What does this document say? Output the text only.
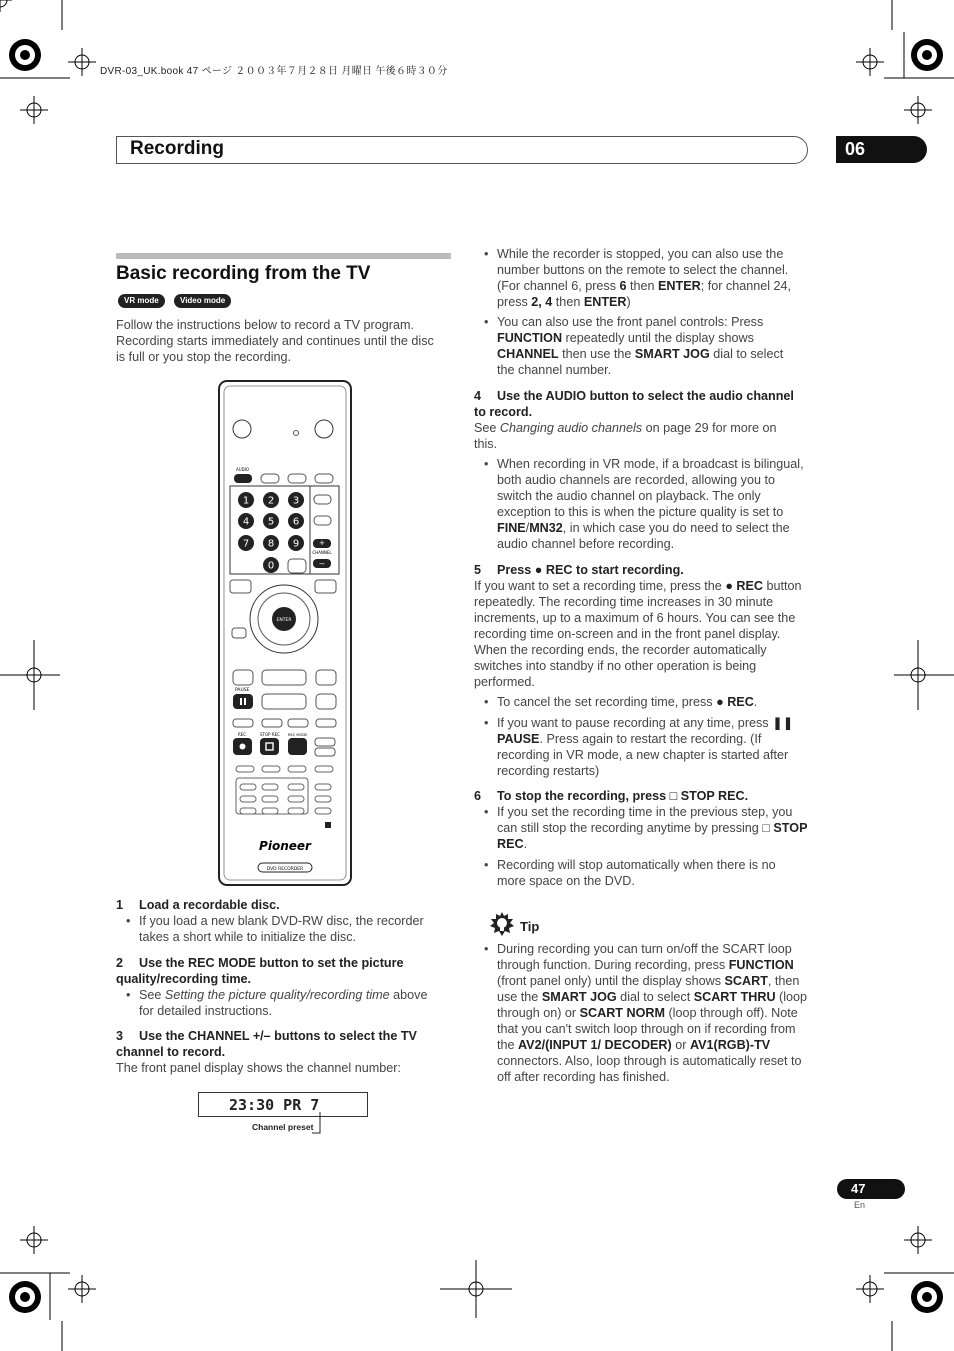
DVR-03_UK.book 47 ページ ２００３年７月２８日 月曜日 午後６時３０分
Recording	06
Basic recording from the TV
VR mode	Video mode
Follow the instructions below to record a TV program. Recording starts immediately and continues until the disc is full or you stop the recording.
AUDIO
1 2 3
4 5 6
7 8 9
0
CHANNEL
ENTER
PAUSE
REC	STOP REC REC MODE
Pioneer
DVD RECORDER
+
–
1 Load a recordable disc.
• If you load a new blank DVD-RW disc, the recorder takes a short while to initialize the disc.
2 Use the REC MODE button to set the picture quality/recording time.
• See Setting the picture quality/recording time above for detailed instructions.
3 Use the CHANNEL +/– buttons to select the TV channel to record.
The front panel display shows the channel number:
23:30 PR 7
Channel preset
• While the recorder is stopped, you can also use the number buttons on the remote to select the channel. (For channel 6, press 6 then ENTER; for channel 24, press 2, 4 then ENTER)
• You can also use the front panel controls: Press FUNCTION repeatedly until the display shows CHANNEL then use the SMART JOG dial to select the channel number.
4 Use the AUDIO button to select the audio channel to record.
See Changing audio channels on page 29 for more on this.
• When recording in VR mode, if a broadcast is bilingual, both audio channels are recorded, allowing you to switch the audio channel on playback. The only exception to this is when the picture quality is set to FINE/MN32, in which case you do need to select the audio channel before recording.
5 Press ● REC to start recording.
If you want to set a recording time, press the ● REC button repeatedly. The recording time increases in 30 minute increments, up to a maximum of 6 hours. You can see the recording time on-screen and in the front panel display. When the recording ends, the recorder automatically switches into standby if no other operation is being performed.
• To cancel the set recording time, press ● REC.
• If you want to pause recording at any time, press ❚❚ PAUSE. Press again to restart the recording. (If recording in VR mode, a new chapter is started after recording restarts)
6 To stop the recording, press □ STOP REC.
• If you set the recording time in the previous step, you can still stop the recording anytime by pressing □ STOP REC.
• Recording will stop automatically when there is no more space on the DVD.
Tip
• During recording you can turn on/off the SCART loop through function. During recording, press FUNCTION (front panel only) until the display shows SCART, then use the SMART JOG dial to select SCART THRU (loop through on) or SCART NORM (loop through off). Note that you can't switch loop through on if recording from the AV2/(INPUT 1/ DECODER) or AV1(RGB)-TV connectors. Also, loop through is automatically reset to off after recording has finished.
47
En
